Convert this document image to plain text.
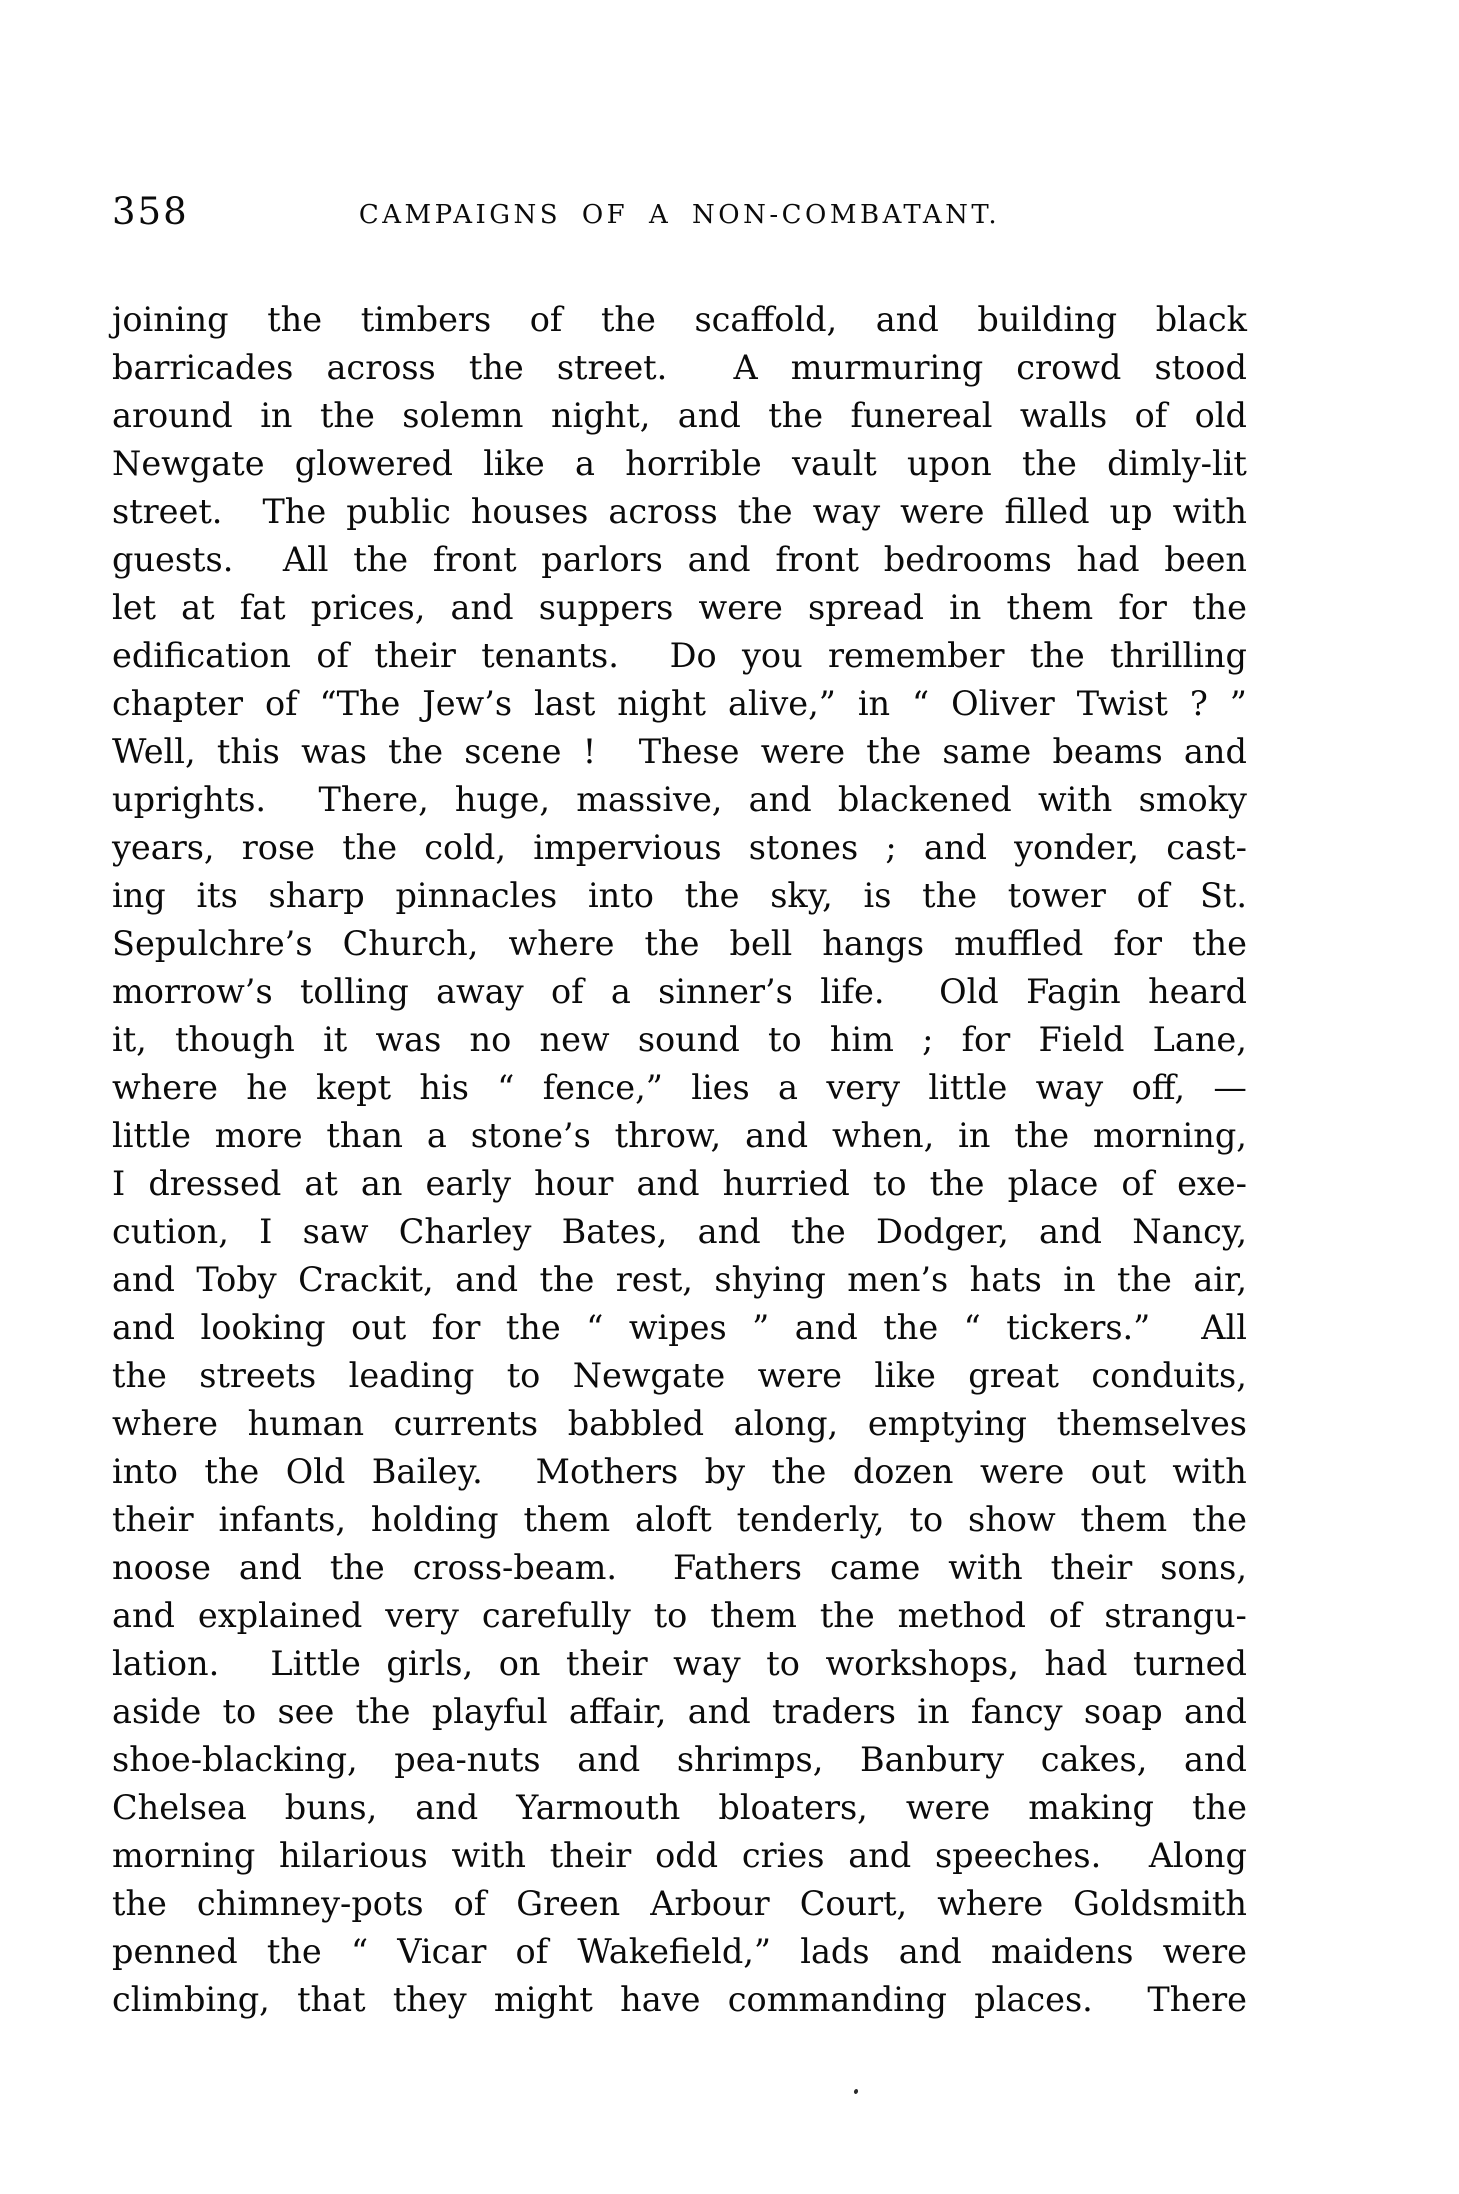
358	CAMPAIGNS OF A NON-COMBATANT.
joining the timbers of the scaffold, and building black
barricades across the street. A murmuring crowd stood
around in the solemn night, and the funereal walls of old
Newgate glowered like a horrible vault upon the dimly-lit
street. The public houses across the way were filled up with
guests. All the front parlors and front bedrooms had been
let at fat prices, and suppers were spread in them for the
edification of their tenants. Do you remember the thrilling
chapter of “The Jew’s last night alive,” in “ Oliver Twist ? ”
Well, this was the scene ! These were the same beams and
uprights. There, huge, massive, and blackened with smoky
years, rose the cold, impervious stones ; and yonder, cast-
ing its sharp pinnacles into the sky, is the tower of St.
Sepulchre’s Church, where the bell hangs muffled for the
morrow’s tolling away of a sinner’s life. Old Fagin heard
it, though it was no new sound to him ; for Field Lane,
where he kept his “ fence,” lies a very little way off, —
little more than a stone’s throw, and when, in the morning,
I dressed at an early hour and hurried to the place of exe-
cution, I saw Charley Bates, and the Dodger, and Nancy,
and Toby Crackit, and the rest, shying men’s hats in the air,
and looking out for the “ wipes ” and the “ tickers.” All
the streets leading to Newgate were like great conduits,
where human currents babbled along, emptying themselves
into the Old Bailey. Mothers by the dozen were out with
their infants, holding them aloft tenderly, to show them the
noose and the cross-beam. Fathers came with their sons,
and explained very carefully to them the method of strangu-
lation. Little girls, on their way to workshops, had turned
aside to see the playful affair, and traders in fancy soap and
shoe-blacking, pea-nuts and shrimps, Banbury cakes, and
Chelsea buns, and Yarmouth bloaters, were making the
morning hilarious with their odd cries and speeches. Along
the chimney-pots of Green Arbour Court, where Goldsmith
penned the “ Vicar of Wakefield,” lads and maidens were
climbing, that they might have commanding places. There
